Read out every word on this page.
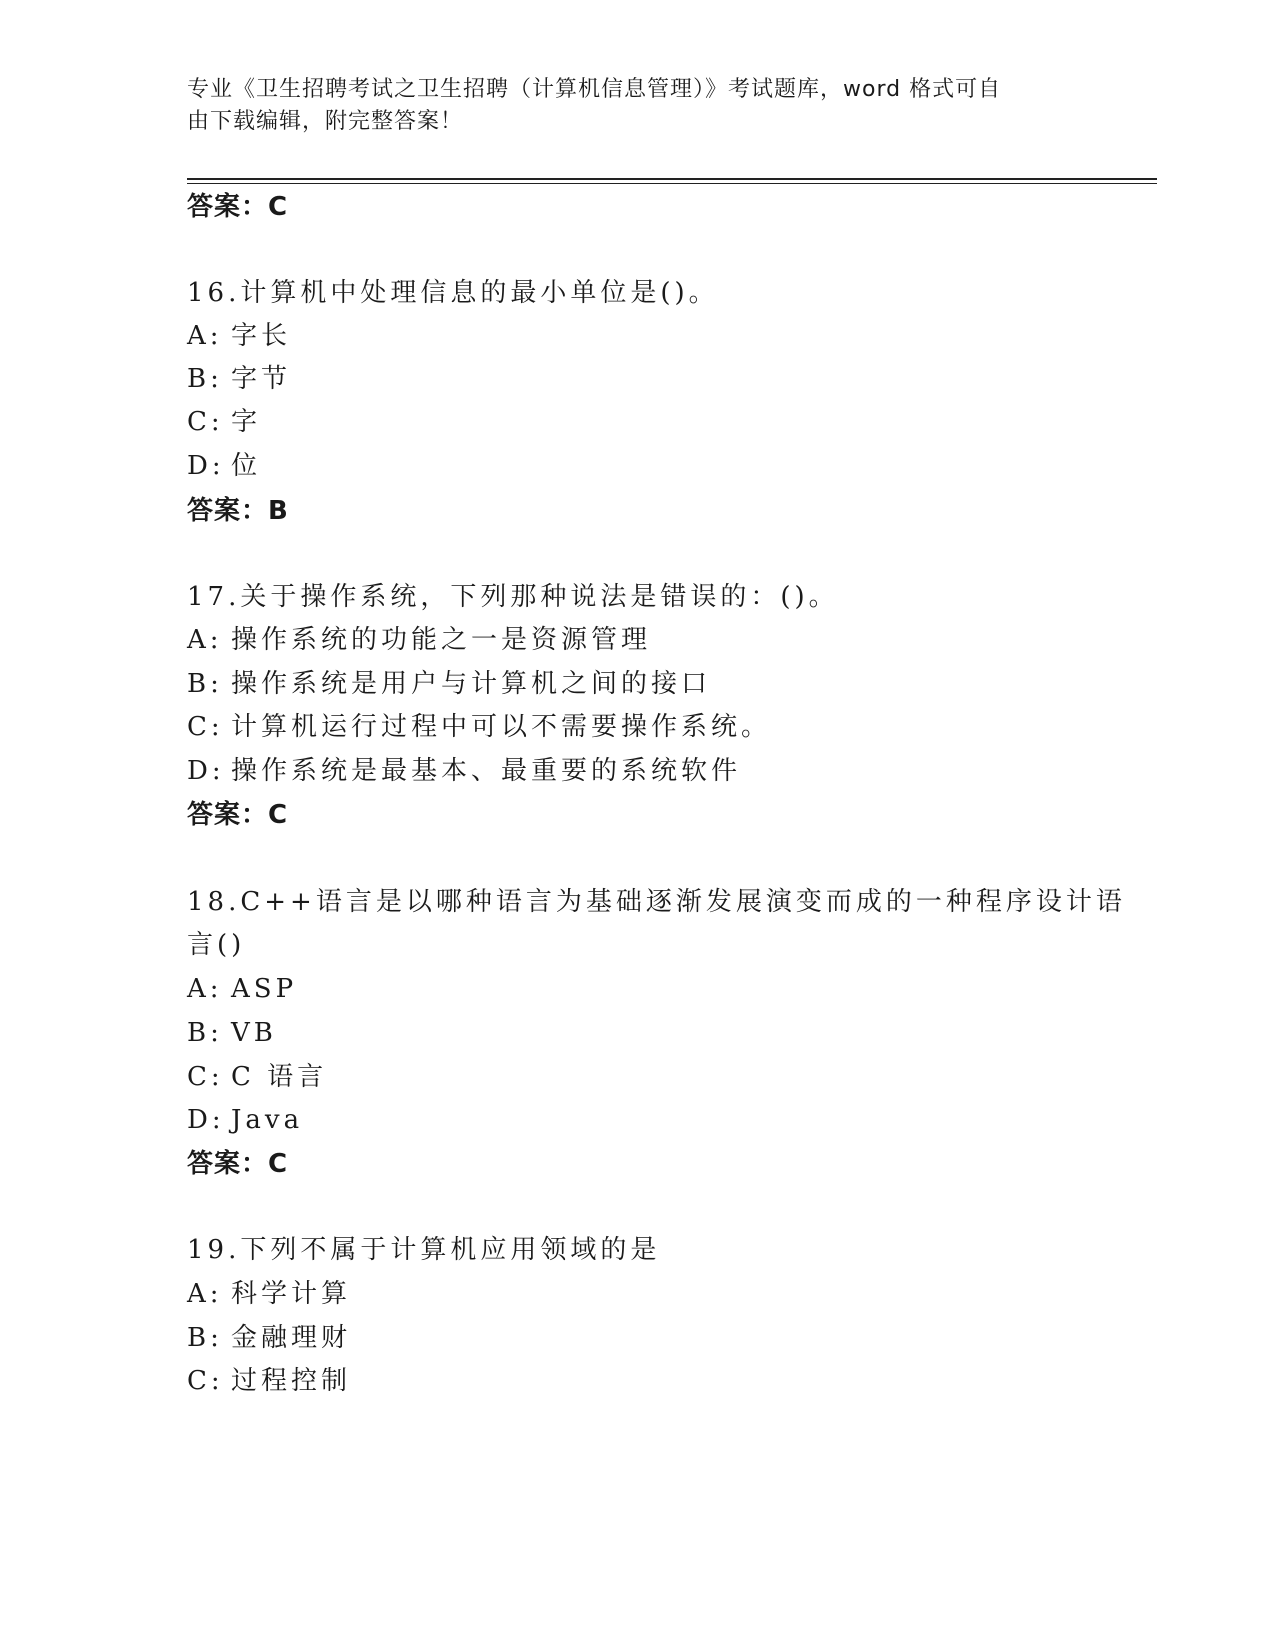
专业《卫生招聘考试之卫生招聘（计算机信息管理）》考试题库，word 格式可自
由下载编辑，附完整答案！
答案：C
16.计算机中处理信息的最小单位是()。
A: 字长
B: 字节
C: 字
D: 位
答案：B
17.关于操作系统，下列那种说法是错误的：()。
A: 操作系统的功能之一是资源管理
B: 操作系统是用户与计算机之间的接口
C: 计算机运行过程中可以不需要操作系统。
D: 操作系统是最基本、最重要的系统软件
答案：C
18.C++语言是以哪种语言为基础逐渐发展演变而成的一种程序设计语
言()
A: ASP
B: VB
C: C 语言
D: Java
答案：C
19.下列不属于计算机应用领域的是
A: 科学计算
B: 金融理财
C: 过程控制
